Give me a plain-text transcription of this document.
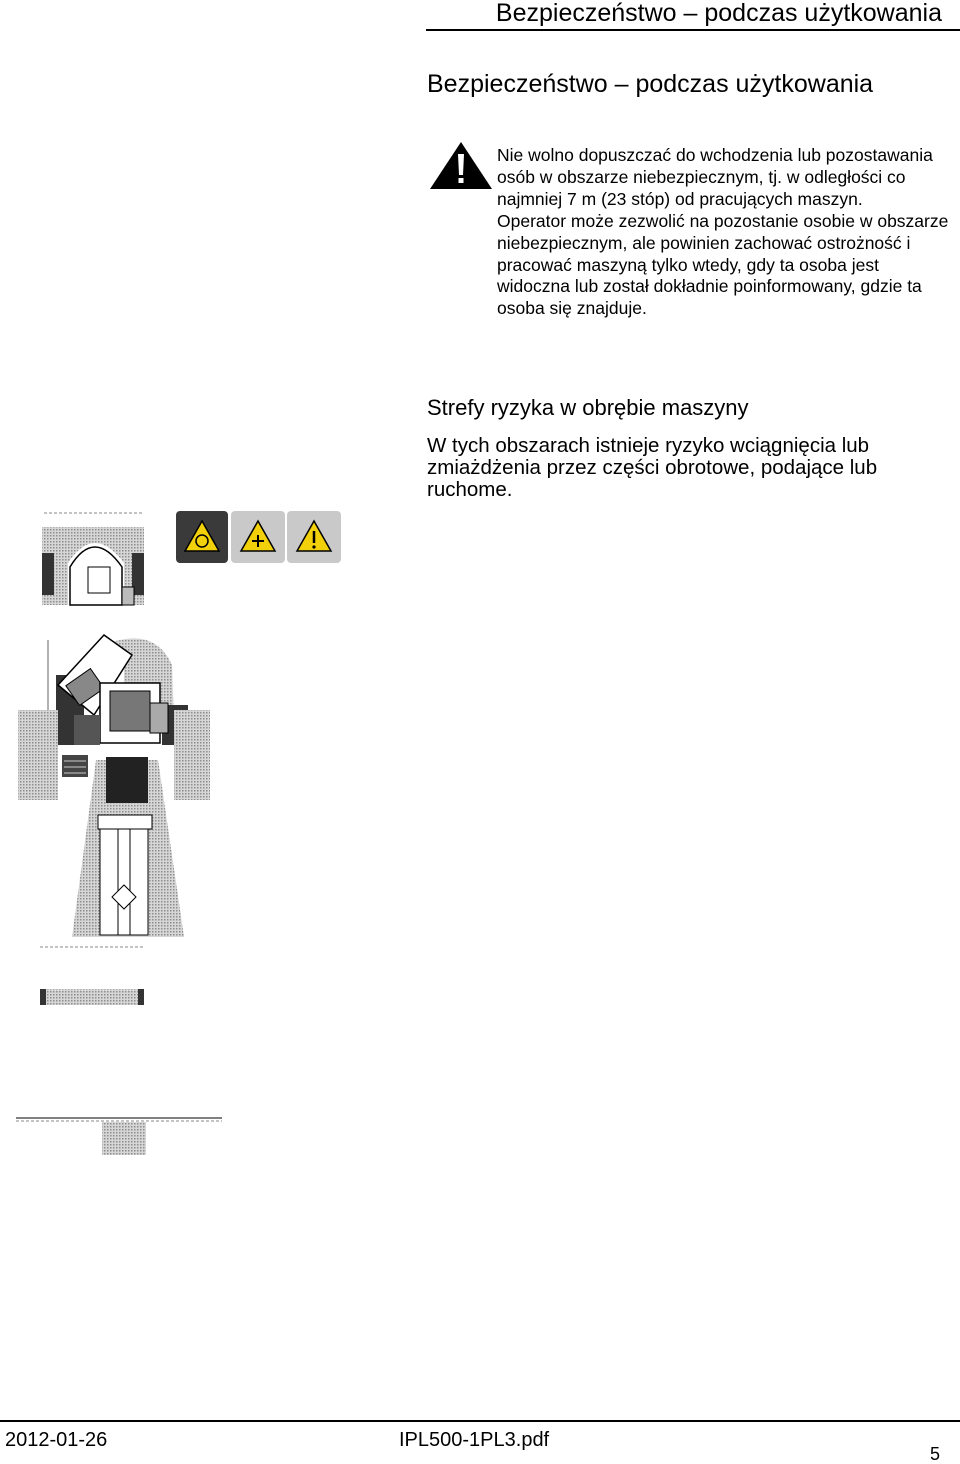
Bezpieczeństwo – podczas użytkowania
Bezpieczeństwo – podczas użytkowania

Nie wolno dopuszczać do wchodzenia lub pozostawania osób w obszarze niebezpiecznym, tj. w odległości co najmniej 7 m (23 stóp) od pracujących maszyn.

Operator może zezwolić na pozostanie osobie w obszarze niebezpiecznym, ale powinien zachować ostrożność i pracować maszyną tylko wtedy, gdy ta osoba jest widoczna lub został dokładnie poinformowany, gdzie ta osoba się znajduje.

Strefy ryzyka w obrębie maszyny
W tych obszarach istnieje ryzyko wciągnięcia lub zmiażdżenia przez części obrotowe, podające lub ruchome.
2012-01-26	IPL500-1PL3.pdf
5
